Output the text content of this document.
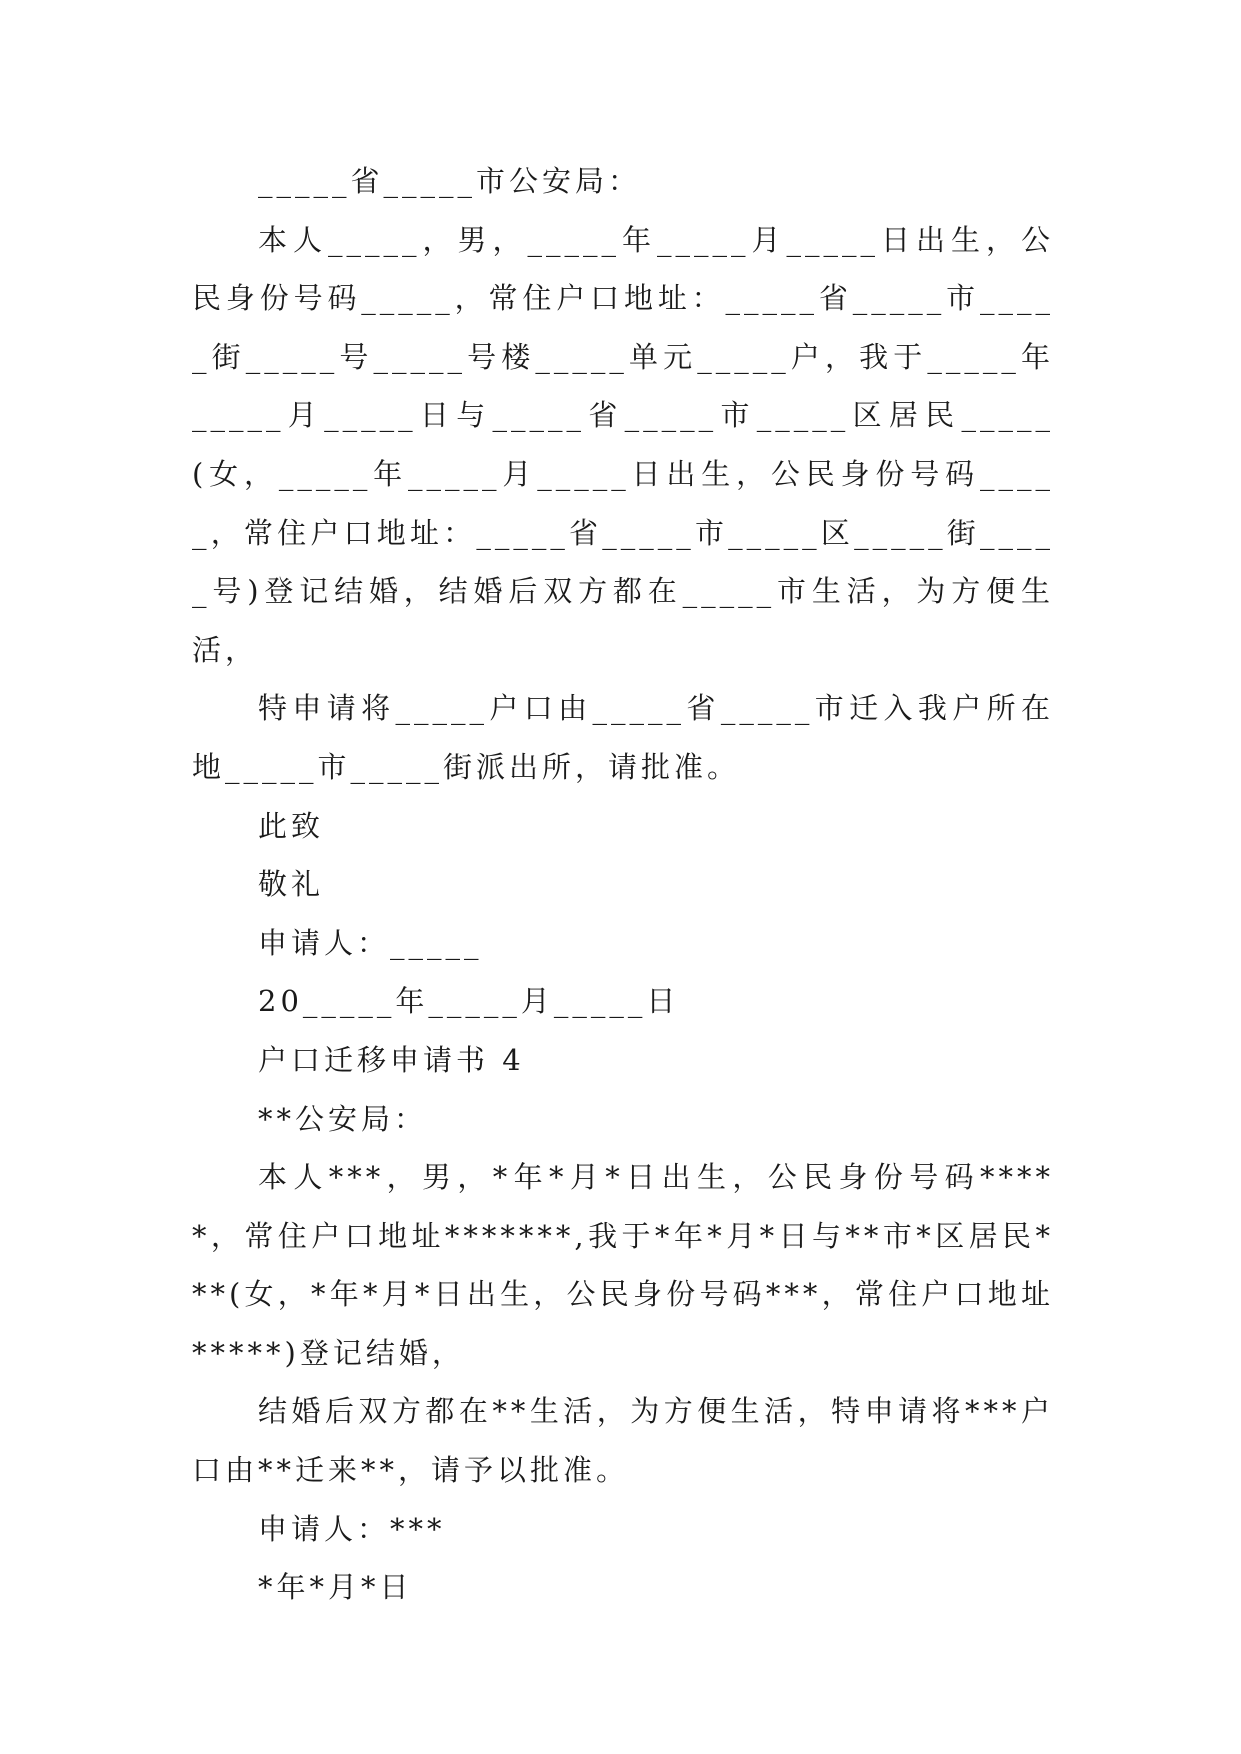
_____省_____市公安局：

本人_____，男，_____年_____月_____日出生，公民身份号码_____，常住户口地址：_____省_____市_____街_____号_____号楼_____单元_____户，我于_____年_____月_____日与_____省_____市_____区居民_____(女，_____年_____月_____日出生，公民身份号码_____，常住户口地址：_____省_____市_____区_____街_____号)登记结婚，结婚后双方都在_____市生活，为方便生活，

特申请将_____户口由_____省_____市迁入我户所在地_____市_____街派出所，请批准。

此致

敬礼

申请人：_____

20_____年_____月_____日

户口迁移申请书 4

**公安局：

本人***，男，*年*月*日出生，公民身份号码*****，常住户口地址*******,我于*年*月*日与**市*区居民***(女，*年*月*日出生，公民身份号码***，常住户口地址*****)登记结婚，

结婚后双方都在**生活，为方便生活，特申请将***户口由**迁来**，请予以批准。

申请人：***

*年*月*日
